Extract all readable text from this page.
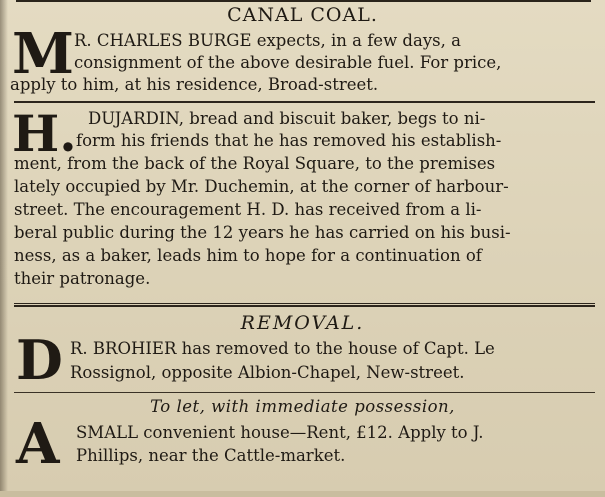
CANAL COAL.
M R. CHARLES BURGE expects, in a few days, a
consignment of the above desirable fuel. For price,
apply to him, at his residence, Broad-street.
H. DUJARDIN, bread and biscuit baker, begs to ni-
form his friends that he has removed his establish-
ment, from the back of the Royal Square, to the premises
lately occupied by Mr. Duchemin, at the corner of harbour-
street. The encouragement H. D. has received from a li-
beral public during the 12 years he has carried on his busi-
ness, as a baker, leads him to hope for a continuation of
their patronage.
REMOVAL.
D R. BROHIER has removed to the house of Capt. Le
Rossignol, opposite Albion-Chapel, New-street.
To let, with immediate possession,
A SMALL convenient house—Rent, £12. Apply to J.
Phillips, near the Cattle-market.
